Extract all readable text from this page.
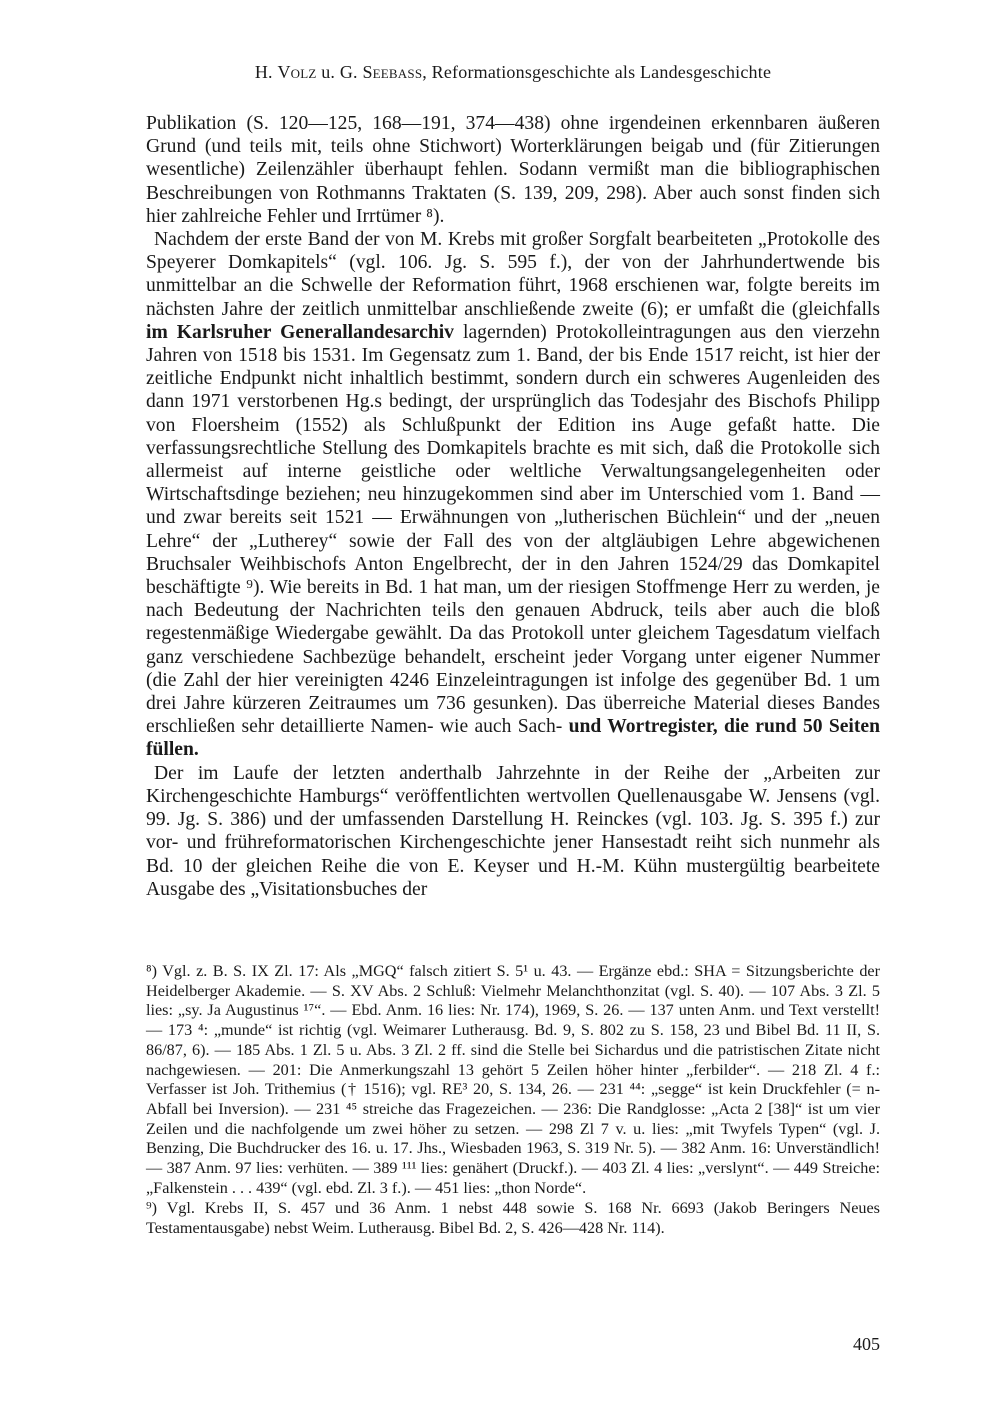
H. Volz u. G. Seebass, Reformationsgeschichte als Landesgeschichte

Publikation (S. 120—125, 168—191, 374—438) ohne irgendeinen erkennbaren äußeren Grund (und teils mit, teils ohne Stichwort) Worterklärungen beigab und (für Zitierungen wesentliche) Zeilenzähler überhaupt fehlen. Sodann vermißt man die bibliographischen Beschreibungen von Rothmanns Traktaten (S. 139, 209, 298). Aber auch sonst finden sich hier zahlreiche Fehler und Irrtümer ⁸).

Nachdem der erste Band der von M. Krebs mit großer Sorgfalt bearbeiteten „Protokolle des Speyerer Domkapitels“ (vgl. 106. Jg. S. 595 f.), der von der Jahrhundertwende bis unmittelbar an die Schwelle der Reformation führt, 1968 erschienen war, folgte bereits im nächsten Jahre der zeitlich unmittelbar anschließende zweite (6); er umfaßt die (gleichfalls im Karlsruher Generallandesarchiv lagernden) Protokolleintragungen aus den vierzehn Jahren von 1518 bis 1531. Im Gegensatz zum 1. Band, der bis Ende 1517 reicht, ist hier der zeitliche Endpunkt nicht inhaltlich bestimmt, sondern durch ein schweres Augenleiden des dann 1971 verstorbenen Hg.s bedingt, der ursprünglich das Todesjahr des Bischofs Philipp von Floersheim (1552) als Schlußpunkt der Edition ins Auge gefaßt hatte. Die verfassungsrechtliche Stellung des Domkapitels brachte es mit sich, daß die Protokolle sich allermeist auf interne geistliche oder weltliche Verwaltungsangelegenheiten oder Wirtschaftsdinge beziehen; neu hinzugekommen sind aber im Unterschied vom 1. Band — und zwar bereits seit 1521 — Erwähnungen von „lutherischen Büchlein“ und der „neuen Lehre“ der „Lutherey“ sowie der Fall des von der altgläubigen Lehre abgewichenen Bruchsaler Weihbischofs Anton Engelbrecht, der in den Jahren 1524/29 das Domkapitel beschäftigte ⁹). Wie bereits in Bd. 1 hat man, um der riesigen Stoffmenge Herr zu werden, je nach Bedeutung der Nachrichten teils den genauen Abdruck, teils aber auch die bloß regestenmäßige Wiedergabe gewählt. Da das Protokoll unter gleichem Tagesdatum vielfach ganz verschiedene Sachbezüge behandelt, erscheint jeder Vorgang unter eigener Nummer (die Zahl der hier vereinigten 4246 Einzeleintragungen ist infolge des gegenüber Bd. 1 um drei Jahre kürzeren Zeitraumes um 736 gesunken). Das überreiche Material dieses Bandes erschließen sehr detaillierte Namen- wie auch Sach- und Wortregister, die rund 50 Seiten füllen.

Der im Laufe der letzten anderthalb Jahrzehnte in der Reihe der „Arbeiten zur Kirchengeschichte Hamburgs“ veröffentlichten wertvollen Quellenausgabe W. Jensens (vgl. 99. Jg. S. 386) und der umfassenden Darstellung H. Reinckes (vgl. 103. Jg. S. 395 f.) zur vor- und frühreformatorischen Kirchengeschichte jener Hansestadt reiht sich nunmehr als Bd. 10 der gleichen Reihe die von E. Keyser und H.-M. Kühn mustergültig bearbeitete Ausgabe des „Visitationsbuches der

⁸) Vgl. z. B. S. IX Zl. 17: Als „MGQ“ falsch zitiert S. 5¹ u. 43. — Ergänze ebd.: SHA = Sitzungsberichte der Heidelberger Akademie. — S. XV Abs. 2 Schluß: Vielmehr Melanchthonzitat (vgl. S. 40). — 107 Abs. 3 Zl. 5 lies: „sy. Ja Augustinus ¹⁷“. — Ebd. Anm. 16 lies: Nr. 174), 1969, S. 26. — 137 unten Anm. und Text verstellt! — 173 ⁴: „munde“ ist richtig (vgl. Weimarer Lutherausg. Bd. 9, S. 802 zu S. 158, 23 und Bibel Bd. 11 II, S. 86/87, 6). — 185 Abs. 1 Zl. 5 u. Abs. 3 Zl. 2 ff. sind die Stelle bei Sichardus und die patristischen Zitate nicht nachgewiesen. — 201: Die Anmerkungszahl 13 gehört 5 Zeilen höher hinter „ferbilder“. — 218 Zl. 4 f.: Verfasser ist Joh. Trithemius († 1516); vgl. RE³ 20, S. 134, 26. — 231 ⁴⁴: „segge“ ist kein Druckfehler (= n-Abfall bei Inversion). — 231 ⁴⁵ streiche das Fragezeichen. — 236: Die Randglosse: „Acta 2 [38]“ ist um vier Zeilen und die nachfolgende um zwei höher zu setzen. — 298 Zl 7 v. u. lies: „mit Twyfels Typen“ (vgl. J. Benzing, Die Buchdrucker des 16. u. 17. Jhs., Wiesbaden 1963, S. 319 Nr. 5). — 382 Anm. 16: Unverständlich! — 387 Anm. 97 lies: verhüten. — 389 ¹¹¹ lies: genähert (Druckf.). — 403 Zl. 4 lies: „verslynt“. — 449 Streiche: „Falkenstein . . . 439“ (vgl. ebd. Zl. 3 f.). — 451 lies: „thon Norde“.

⁹) Vgl. Krebs II, S. 457 und 36 Anm. 1 nebst 448 sowie S. 168 Nr. 6693 (Jakob Beringers Neues Testamentausgabe) nebst Weim. Lutherausg. Bibel Bd. 2, S. 426—428 Nr. 114).

405
